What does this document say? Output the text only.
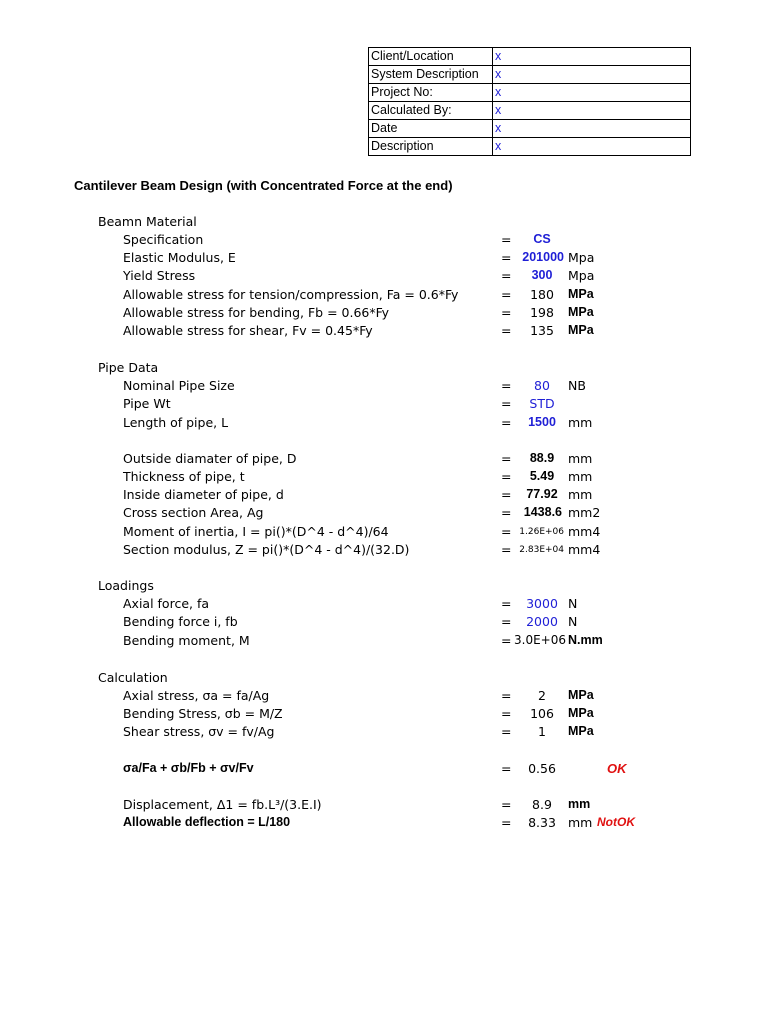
Client/Location	x
System Description	x
Project No:	x
Calculated By:	x
Date	x
Description	x
Cantilever Beam Design (with Concentrated Force at the end)
Beamn Material
Specification	=	CS
Elastic Modulus, E	= 201000 Mpa
Yield Stress	=	300	Mpa
Allowable stress for tension/compression, Fa = 0.6*Fy	=	180	MPa
Allowable stress for bending, Fb = 0.66*Fy	=	198	MPa
Allowable stress for shear, Fv = 0.45*Fy	=	135	MPa
Pipe Data
Nominal Pipe Size	=	80	NB
Pipe Wt	=	STD
Length of pipe, L	=	1500 mm
Outside diamater of pipe, D	=	88.9	mm
Thickness of pipe, t	=	5.49	mm
Inside diameter of pipe, d	=	77.92 mm
Cross section Area, Ag	= 1438.6 mm2
Moment of inertia, I = pi()*(D^4 - d^4)/64	= 1.26E+06 mm4
Section modulus, Z = pi()*(D^4 - d^4)/(32.D)	= 2.83E+04 mm4
Loadings
Axial force, fa	=	3000 N
Bending force i, fb	=	2000 N
Bending moment, M	= 3.0E+06 N.mm
Calculation
Axial stress, σa = fa/Ag	=	2	MPa
Bending Stress, σb = M/Z	=	106	MPa
Shear stress, σv = fv/Ag	=	1	MPa
σa/Fa + σb/Fb + σv/Fv	=	0.56	OK
Displacement, Δ1 = fb.L³/(3.E.I)	=	8.9	mm
Allowable deflection = L/180	=	8.33 mm NotOK
